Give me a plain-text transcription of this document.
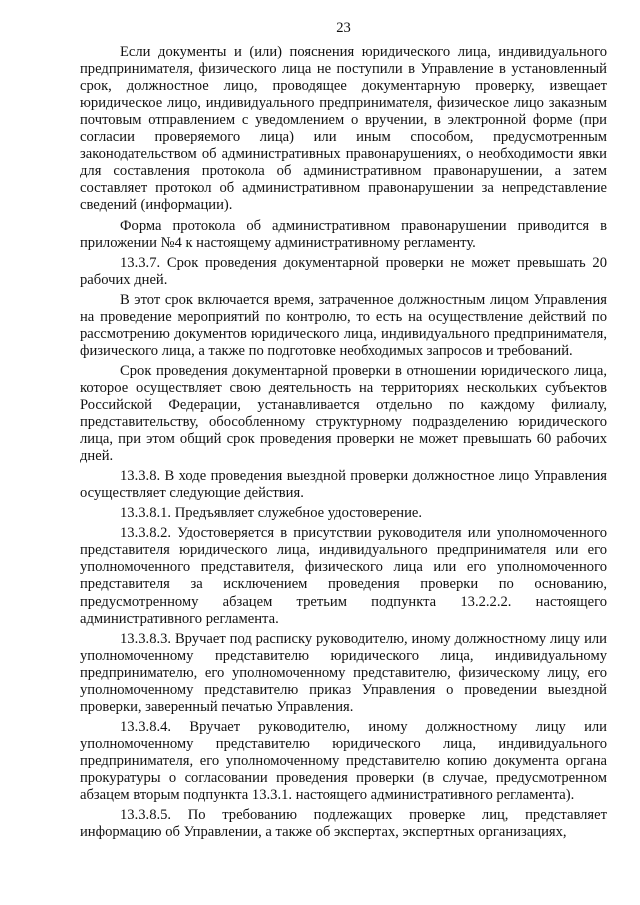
23

Если документы и (или) пояснения юридического лица, индивидуального предпринимателя, физического лица не поступили в Управление в установленный срок, должностное лицо, проводящее документарную проверку, извещает юридическое лицо, индивидуального предпринимателя, физическое лицо заказным почтовым отправлением с уведомлением о вручении, в электронной форме (при согласии проверяемого лица) или иным способом, предусмотренным законодательством об административных правонарушениях, о необходимости явки для составления протокола об административном правонарушении, а затем составляет протокол об административном правонарушении за непредставление сведений (информации).

Форма протокола об административном правонарушении приводится в приложении №4 к настоящему административному регламенту.

13.3.7. Срок проведения документарной проверки не может превышать 20 рабочих дней.

В этот срок включается время, затраченное должностным лицом Управления на проведение мероприятий по контролю, то есть на осуществление действий по рассмотрению документов юридического лица, индивидуального предпринимателя, физического лица, а также по подготовке необходимых запросов и требований.

Срок проведения документарной проверки в отношении юридического лица, которое осуществляет свою деятельность на территориях нескольких субъектов Российской Федерации, устанавливается отдельно по каждому филиалу, представительству, обособленному структурному подразделению юридического лица, при этом общий срок проведения проверки не может превышать 60 рабочих дней.

13.3.8. В ходе проведения выездной проверки должностное лицо Управления осуществляет следующие действия.

13.3.8.1. Предъявляет служебное удостоверение.

13.3.8.2. Удостоверяется в присутствии руководителя или уполномоченного представителя юридического лица, индивидуального предпринимателя или его уполномоченного представителя, физического лица или его уполномоченного представителя за исключением проведения проверки по основанию, предусмотренному абзацем третьим подпункта 13.2.2.2. настоящего административного регламента.

13.3.8.3. Вручает под расписку руководителю, иному должностному лицу или уполномоченному представителю юридического лица, индивидуальному предпринимателю, его уполномоченному представителю, физическому лицу, его уполномоченному представителю приказ Управления о проведении выездной проверки, заверенный печатью Управления.

13.3.8.4. Вручает руководителю, иному должностному лицу или уполномоченному представителю юридического лица, индивидуального предпринимателя, его уполномоченному представителю копию документа органа прокуратуры о согласовании проведения проверки (в случае, предусмотренном абзацем вторым подпункта 13.3.1. настоящего административного регламента).

13.3.8.5. По требованию подлежащих проверке лиц, представляет информацию об Управлении, а также об экспертах, экспертных организациях,
